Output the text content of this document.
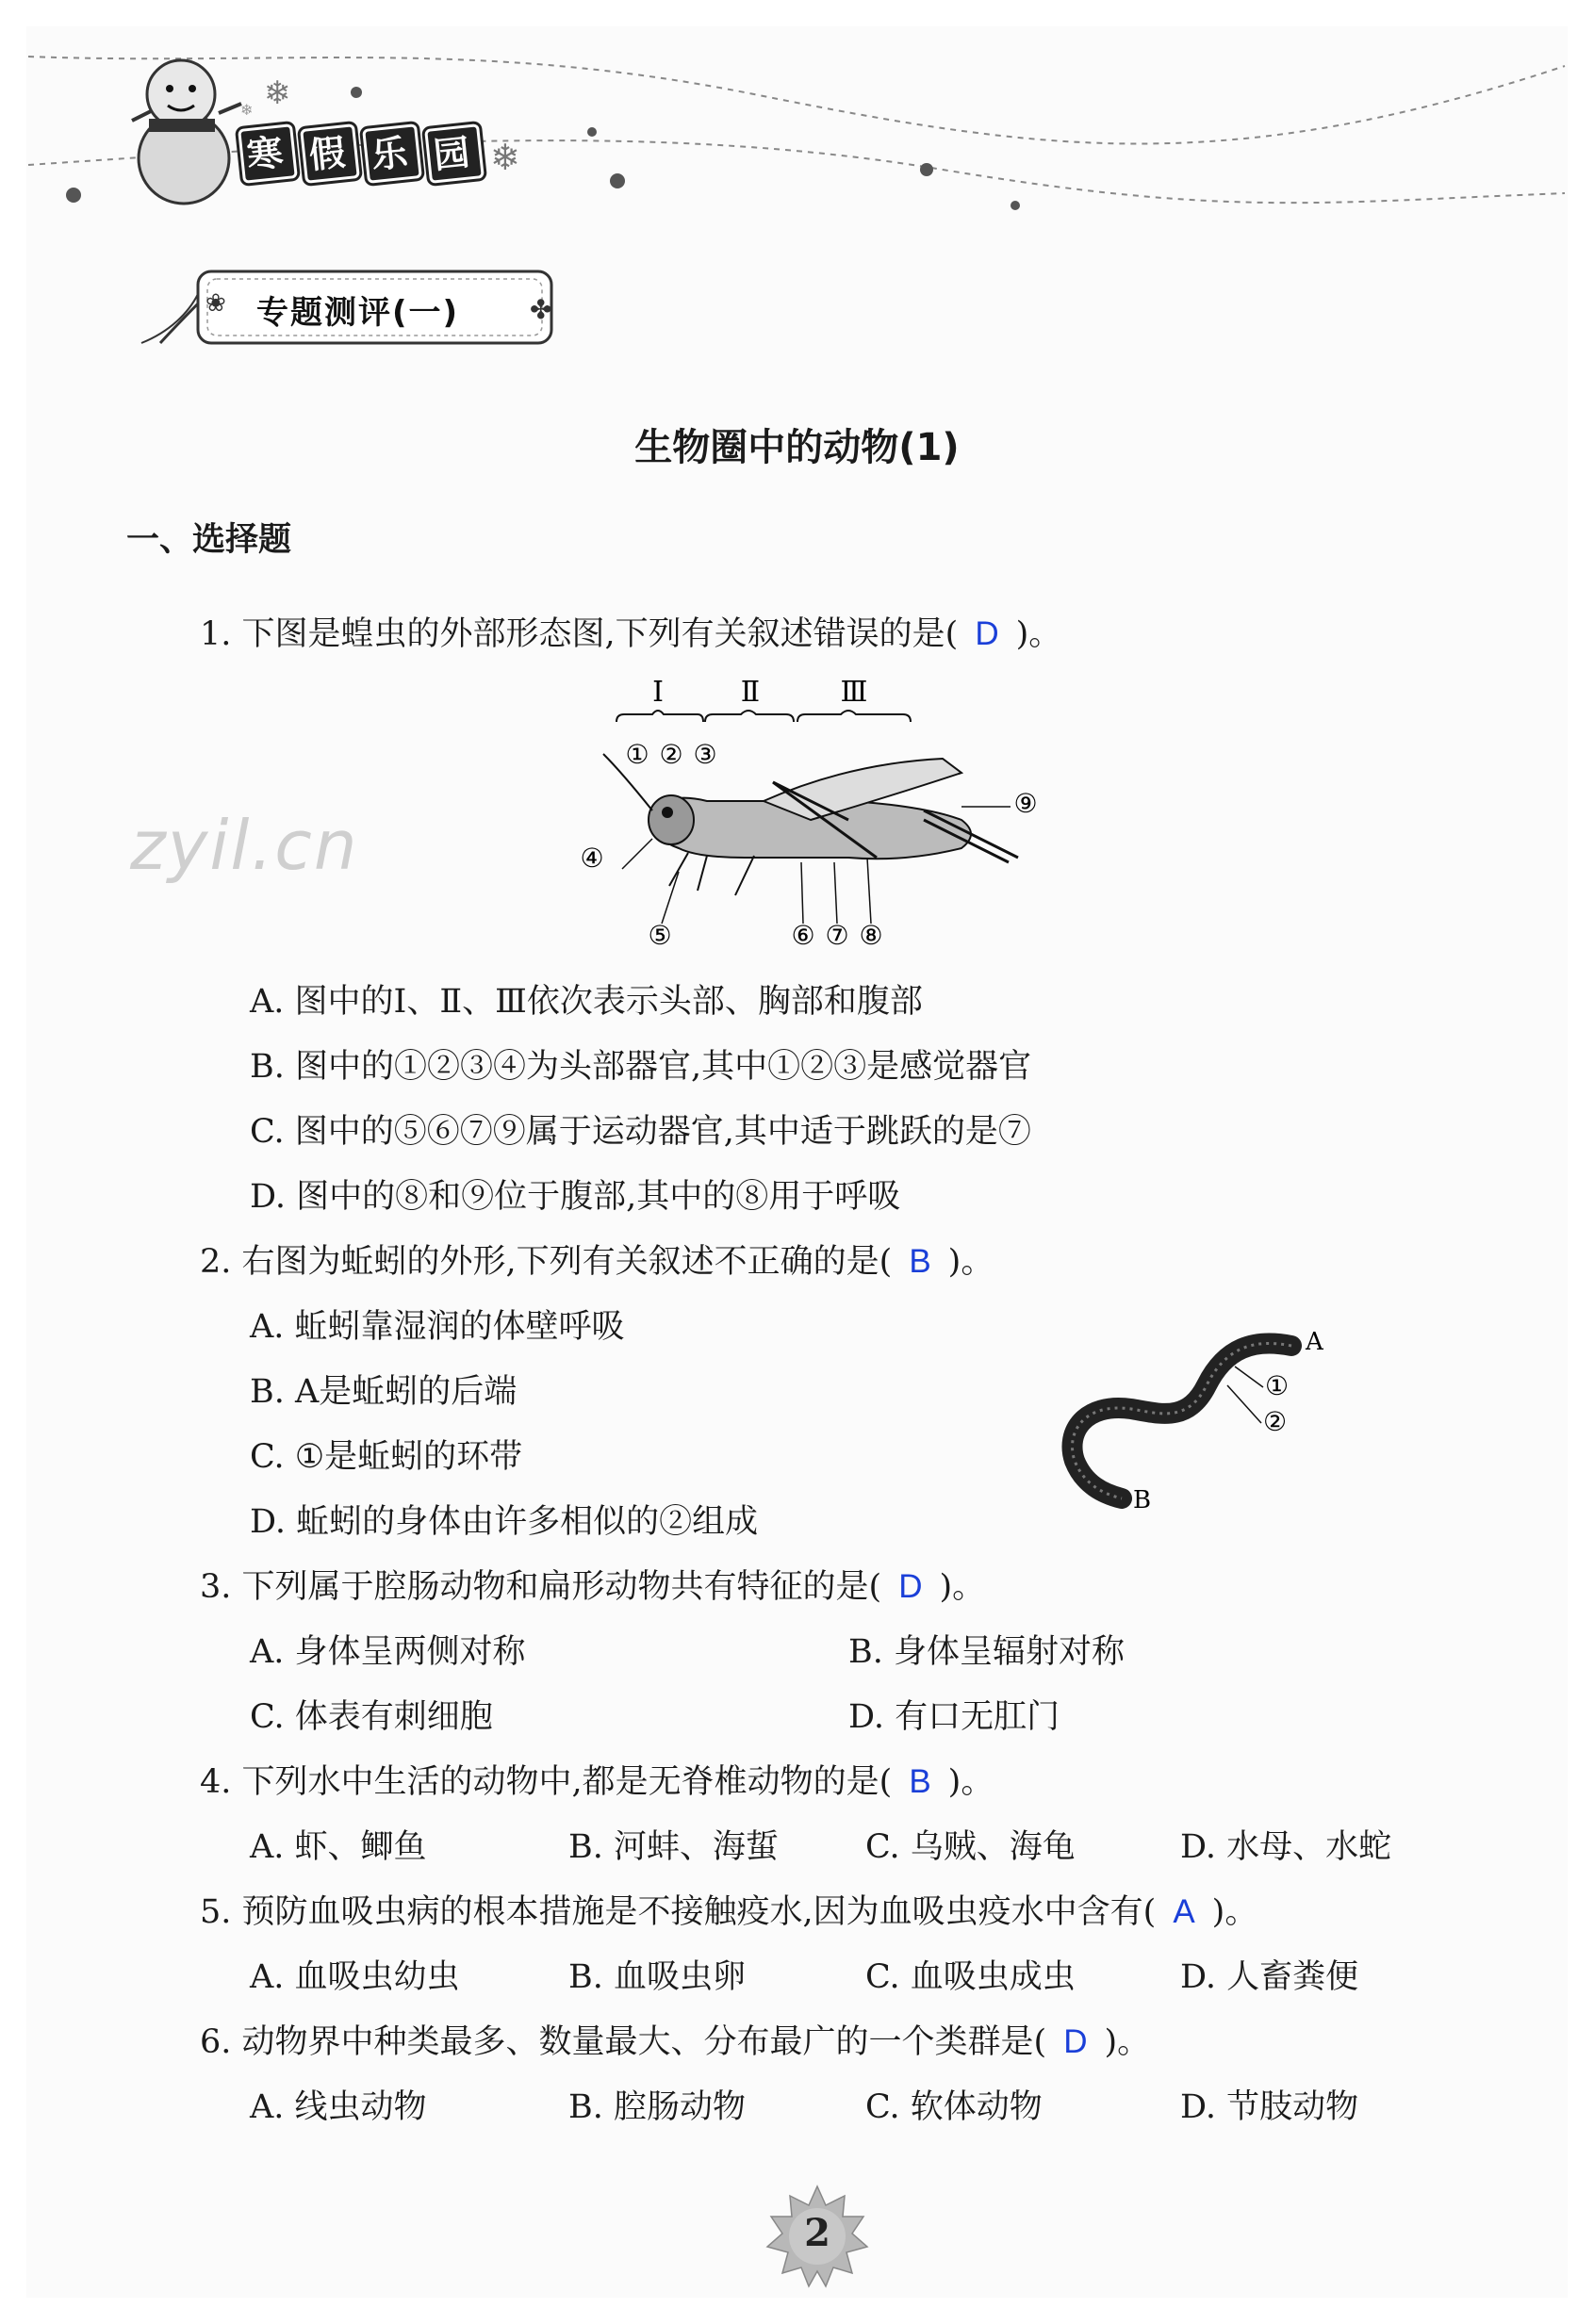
❄
❄
❄
寒 假 乐 园
✤
❀ 专题测评(一)
生物圈中的动物(1)
一、选择题
zyil.cn
1. 下图是蝗虫的外部形态图,下列有关叙述错误的是( D )。
Ⅰ	Ⅱ	Ⅲ
① ② ③
④
⑤	⑥ ⑦ ⑧
⑨
A. 图中的Ⅰ、Ⅱ、Ⅲ依次表示头部、胸部和腹部
B. 图中的①②③④为头部器官,其中①②③是感觉器官
C. 图中的⑤⑥⑦⑨属于运动器官,其中适于跳跃的是⑦
D. 图中的⑧和⑨位于腹部,其中的⑧用于呼吸
2. 右图为蚯蚓的外形,下列有关叙述不正确的是( B )。
A. 蚯蚓靠湿润的体壁呼吸
B. A是蚯蚓的后端
C. ①是蚯蚓的环带
D. 蚯蚓的身体由许多相似的②组成
A
①
②
B
3. 下列属于腔肠动物和扁形动物共有特征的是( D )。
A. 身体呈两侧对称	B. 身体呈辐射对称
C. 体表有刺细胞	D. 有口无肛门
4. 下列水中生活的动物中,都是无脊椎动物的是( B )。
A. 虾、鲫鱼	B. 河蚌、海蜇	C. 乌贼、海龟	D. 水母、水蛇
5. 预防血吸虫病的根本措施是不接触疫水,因为血吸虫疫水中含有( A )。
A. 血吸虫幼虫	B. 血吸虫卵	C. 血吸虫成虫	D. 人畜粪便
6. 动物界中种类最多、数量最大、分布最广的一个类群是( D )。
A. 线虫动物	B. 腔肠动物	C. 软体动物	D. 节肢动物
2
